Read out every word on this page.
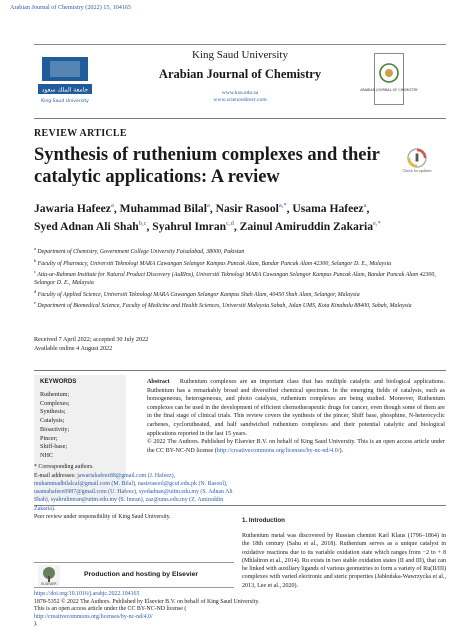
Arabian Journal of Chemistry (2022) 15, 104165
جامعة الملك سعود
King Saud University
King Saud University
Arabian Journal of Chemistry
www.ksu.edu.sa
www.sciencedirect.com
ARABIAN JOURNAL OF CHEMISTRY
REVIEW ARTICLE
Synthesis of ruthenium complexes and their catalytic applications: A review	Check for updates
Jawaria Hafeez$^a$, Muhammad Bilal$^a$, Nasir Rasool$^{a,*}$, Usama Hafeez$^a$,
Syed Adnan Ali Shah$^{b,c}$, Syahrul Imran$^{c,d}$, Zainul Amiruddin Zakaria$^{e,*}$

$^a$ Department of Chemistry, Government College University Faisalabad, 38000, Pakistan

$^b$ Faculty of Pharmacy, Universiti Teknologi MARA Cawangan Selangor Kampus Puncak Alam, Bandar Puncak Alam 42300, Selangor D. E., Malaysia

$^c$ Atta-ur-Rahman Institute for Natural Product Discovery (AuRIns), Universiti Teknologi MARA Cawangan Selangor Kampus Puncak Alam, Bandar Puncak Alam 42300, Selangor D. E., Malaysia

$^d$ Faculty of Applied Science, Universiti Teknologi MARA Cawangan Selangor Kampus Shah Alam, 40450 Shah Alam, Selangor, Malaysia

$^e$ Department of Biomedical Science, Faculty of Medicine and Health Sciences, Universiti Malaysia Sabah, Jalan UMS, Kota Kinabalu 88400, Sabah, Malaysia

Received 7 April 2022; accepted 30 July 2022
Available online 4 August 2022
KEYWORDS
Ruthenium;
Complexes;
Synthesis;
Catalysis;
Bioactivity;
Pincer;
Shiff-base;
NHC
Abstract Ruthenium complexes are an important class that has multiple catalytic and biological applications. Ruthenium has a remarkably broad and diversified chemical spectrum. In the emerging fields of catalysis, such as homogeneous, heterogeneous, and photo catalysis, ruthenium complexes are being studied. Moreover, Ruthenium complexes can be used in the development of efficient chemotherapeutic drugs for cancer, even though some of them are in the final stage of clinical trials. This review covers the synthesis of the pincer, Shiff base, phosphine, N-heterocyclic carbenes, cyclorutheated, and half sandwiched ruthenium complexes and their potential catalytic and biological applications reported in the last 15 years.
© 2022 The Authors. Published by Elsevier B.V. on behalf of King Saud University. This is an open access article under the CC BY-NC-ND license (http://creativecommons.org/licenses/by-nc-nd/4.0/).

* Corresponding authors.

E-mail addresses: jawariahafeez88@gmail.com (J. Hafeez), muhammadbilalcaf@gmail.com (M. Bilal), nasirrasool@gcuf.edu.pk (N. Rasool), usamahafeez0987@gmail.com (U. Hafeez), syedadnan@uitm.edu.my (S. Adnan Ali Shah), syahrulimran@uitm.edu.my (S. Imran), zaz@ums.edu.my (Z. Amiruddin Zakaria).

Peer review under responsibility of King Saud University.	1. Introduction
Ruthenium metal was discovered by Russian chemist Karl Klaus (1796–1864) in the 18th century (Sahu et al., 2018). Ruthenium serves as a unique catalyst in oxidative reactions due to its variable oxidation state which ranges from −2 to + 8 (Mhlaltron et al., 2014). Ru exists in two stable oxidation states (II and III), that can be linked with auxiliary ligands of various geometries to form a variety of Ru(II/III) complexes with varied electronic and steric properties (Jabłońska-Wawrzycka et al., 2013, Lee et al., 2020).
ELSEVIER
Production and hosting by Elsevier
https://doi.org/10.1016/j.arabjc.2022.104165
1878-5352 © 2022 The Authors. Published by Elsevier B.V. on behalf of King Saud University.
This is an open access article under the CC BY-NC-ND license (
http://creativecommons.org/licenses/by-nc-nd/4.0/
).
